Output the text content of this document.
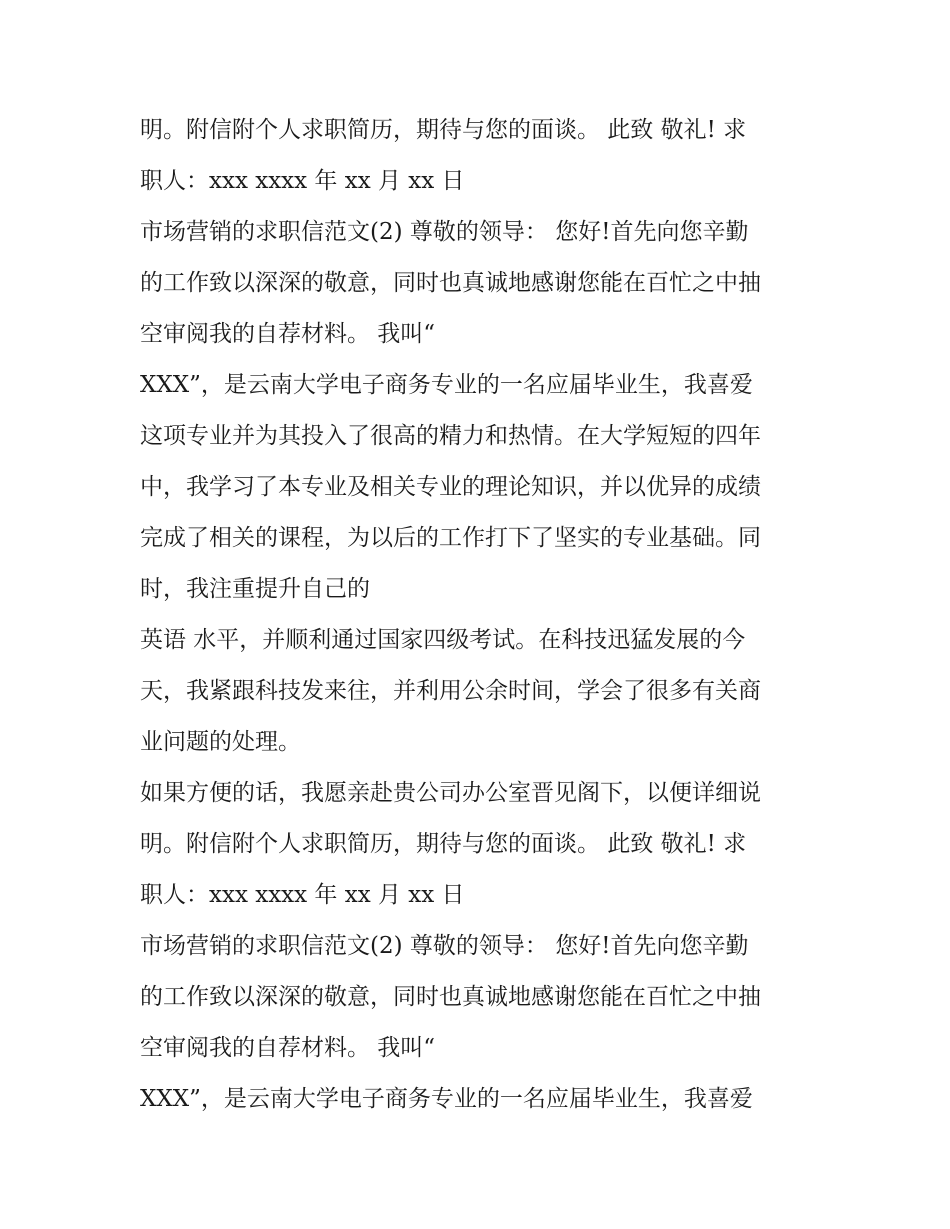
明。附信附个人求职简历，期待与您的面谈。 此致 敬礼! 求
职人：xxx xxxx 年 xx 月 xx 日
市场营销的求职信范文(2) 尊敬的领导： 您好!首先向您辛勤
的工作致以深深的敬意，同时也真诚地感谢您能在百忙之中抽
空审阅我的自荐材料。 我叫“
XXX”，是云南大学电子商务专业的一名应届毕业生，我喜爱
这项专业并为其投入了很高的精力和热情。在大学短短的四年
中，我学习了本专业及相关专业的理论知识，并以优异的成绩
完成了相关的课程，为以后的工作打下了坚实的专业基础。同
时，我注重提升自己的
英语 水平，并顺利通过国家四级考试。在科技迅猛发展的今
天，我紧跟科技发来往，并利用公余时间，学会了很多有关商
业问题的处理。
如果方便的话，我愿亲赴贵公司办公室晋见阁下，以便详细说
明。附信附个人求职简历，期待与您的面谈。 此致 敬礼! 求
职人：xxx xxxx 年 xx 月 xx 日
市场营销的求职信范文(2) 尊敬的领导： 您好!首先向您辛勤
的工作致以深深的敬意，同时也真诚地感谢您能在百忙之中抽
空审阅我的自荐材料。 我叫“
XXX”，是云南大学电子商务专业的一名应届毕业生，我喜爱
